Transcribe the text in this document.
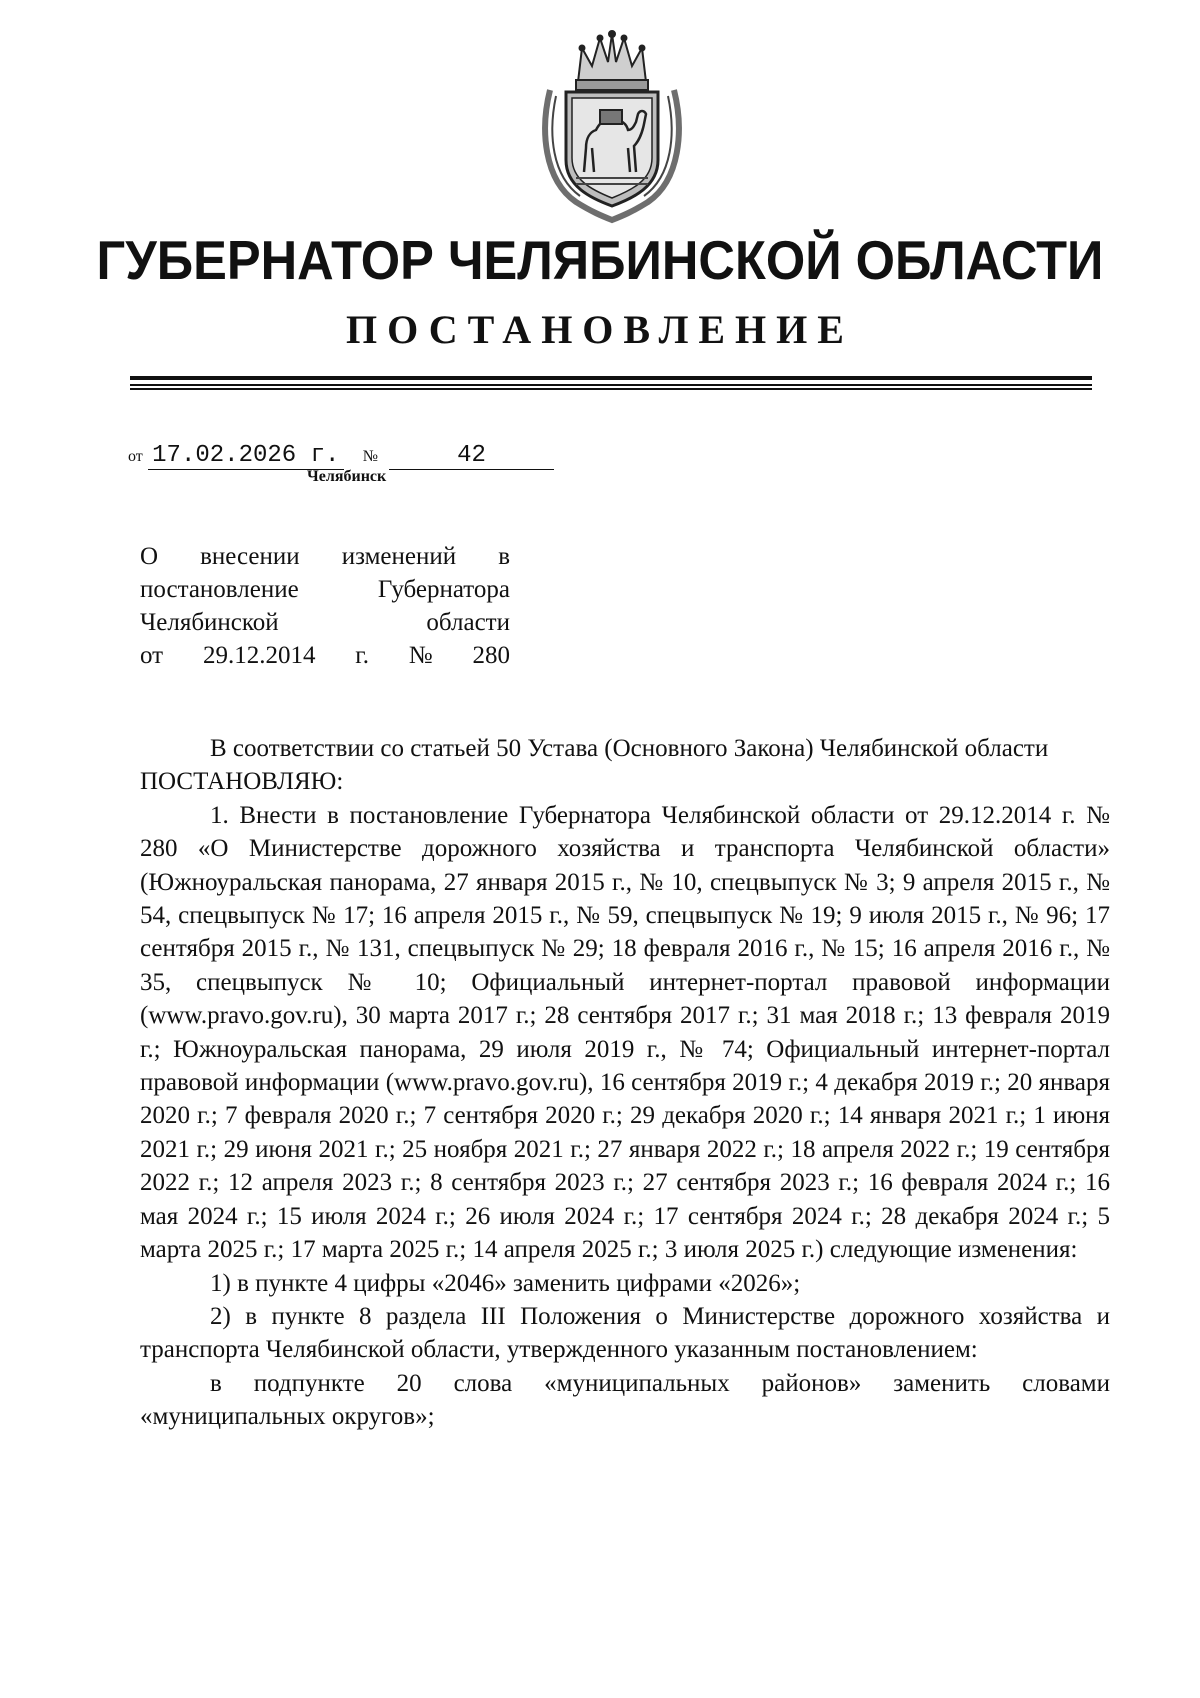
ГУБЕРНАТОР ЧЕЛЯБИНСКОЙ ОБЛАСТИ
ПОСТАНОВЛЕНИЕ
от 17.02.2026 г. №	42
Челябинск
О внесении изменений в
постановление	Губернатора
Челябинской	области
от 29.12.2014 г. № 280
В соответствии со статьей 50 Устава (Основного Закона) Челябинской области
ПОСТАНОВЛЯЮ:
1. Внести в постановление Губернатора Челябинской области от 29.12.2014 г. № 280 «О Министерстве дорожного хозяйства и транспорта Челябинской области» (Южноуральская панорама, 27 января 2015 г., № 10, спецвыпуск № 3; 9 апреля 2015 г., № 54, спецвыпуск № 17; 16 апреля 2015 г., № 59, спецвыпуск № 19; 9 июля 2015 г., № 96; 17 сентября 2015 г., № 131, спецвыпуск № 29; 18 февраля 2016 г., № 15; 16 апреля 2016 г., № 35, спецвыпуск № 10; Официальный интернет-портал правовой информации (www.pravo.gov.ru), 30 марта 2017 г.; 28 сентября 2017 г.; 31 мая 2018 г.; 13 февраля 2019 г.; Южноуральская панорама, 29 июля 2019 г., № 74; Официальный интернет-портал правовой информации (www.pravo.gov.ru), 16 сентября 2019 г.; 4 декабря 2019 г.; 20 января 2020 г.; 7 февраля 2020 г.; 7 сентября 2020 г.; 29 декабря 2020 г.; 14 января 2021 г.; 1 июня 2021 г.; 29 июня 2021 г.; 25 ноября 2021 г.; 27 января 2022 г.; 18 апреля 2022 г.; 19 сентября 2022 г.; 12 апреля 2023 г.; 8 сентября 2023 г.; 27 сентября 2023 г.; 16 февраля 2024 г.; 16 мая 2024 г.; 15 июля 2024 г.; 26 июля 2024 г.; 17 сентября 2024 г.; 28 декабря 2024 г.; 5 марта 2025 г.; 17 марта 2025 г.; 14 апреля 2025 г.; 3 июля 2025 г.) следующие изменения:
1) в пункте 4 цифры «2046» заменить цифрами «2026»;
2) в пункте 8 раздела III Положения о Министерстве дорожного хозяйства и транспорта Челябинской области, утвержденного указанным постановлением:
в подпункте 20 слова «муниципальных районов» заменить словами «муниципальных округов»;
